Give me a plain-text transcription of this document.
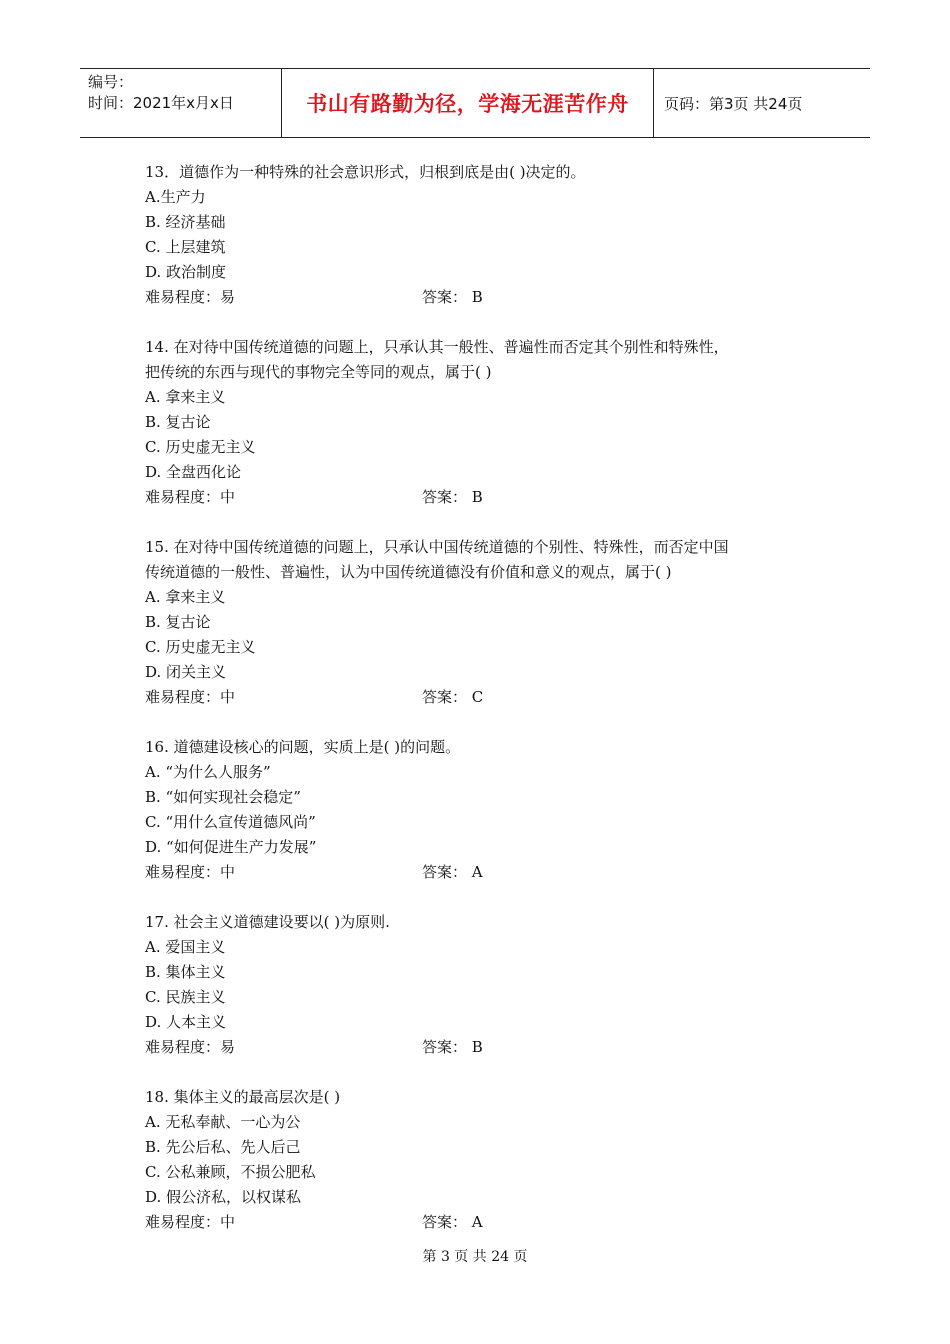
编号：
时间：2021年x月x日	书山有路勤为径，学海无涯苦作舟	页码：第3页 共24页
13．道德作为一种特殊的社会意识形式，归根到底是由( )决定的。
A.生产力
B. 经济基础
C. 上层建筑
D. 政治制度
难易程度：易	答案： B
14. 在对待中国传统道德的问题上，只承认其一般性、普遍性而否定其个别性和特殊性，
把传统的东西与现代的事物完全等同的观点，属于( )
A. 拿来主义
B. 复古论
C. 历史虚无主义
D. 全盘西化论
难易程度：中	答案： B
15. 在对待中国传统道德的问题上，只承认中国传统道德的个别性、特殊性，而否定中国
传统道德的一般性、普遍性，认为中国传统道德没有价值和意义的观点，属于( )
A. 拿来主义
B. 复古论
C. 历史虚无主义
D. 闭关主义
难易程度：中	答案： C
16. 道德建设核心的问题，实质上是( )的问题。
A. “为什么人服务”
B. “如何实现社会稳定”
C. “用什么宣传道德风尚”
D. “如何促进生产力发展”
难易程度：中	答案： A
17. 社会主义道德建设要以( )为原则.
A. 爱国主义
B. 集体主义
C. 民族主义
D. 人本主义
难易程度：易	答案： B
18. 集体主义的最高层次是( )
A. 无私奉献、一心为公
B. 先公后私、先人后己
C. 公私兼顾，不损公肥私
D. 假公济私，以权谋私
难易程度：中	答案： A
第 3 页 共 24 页
